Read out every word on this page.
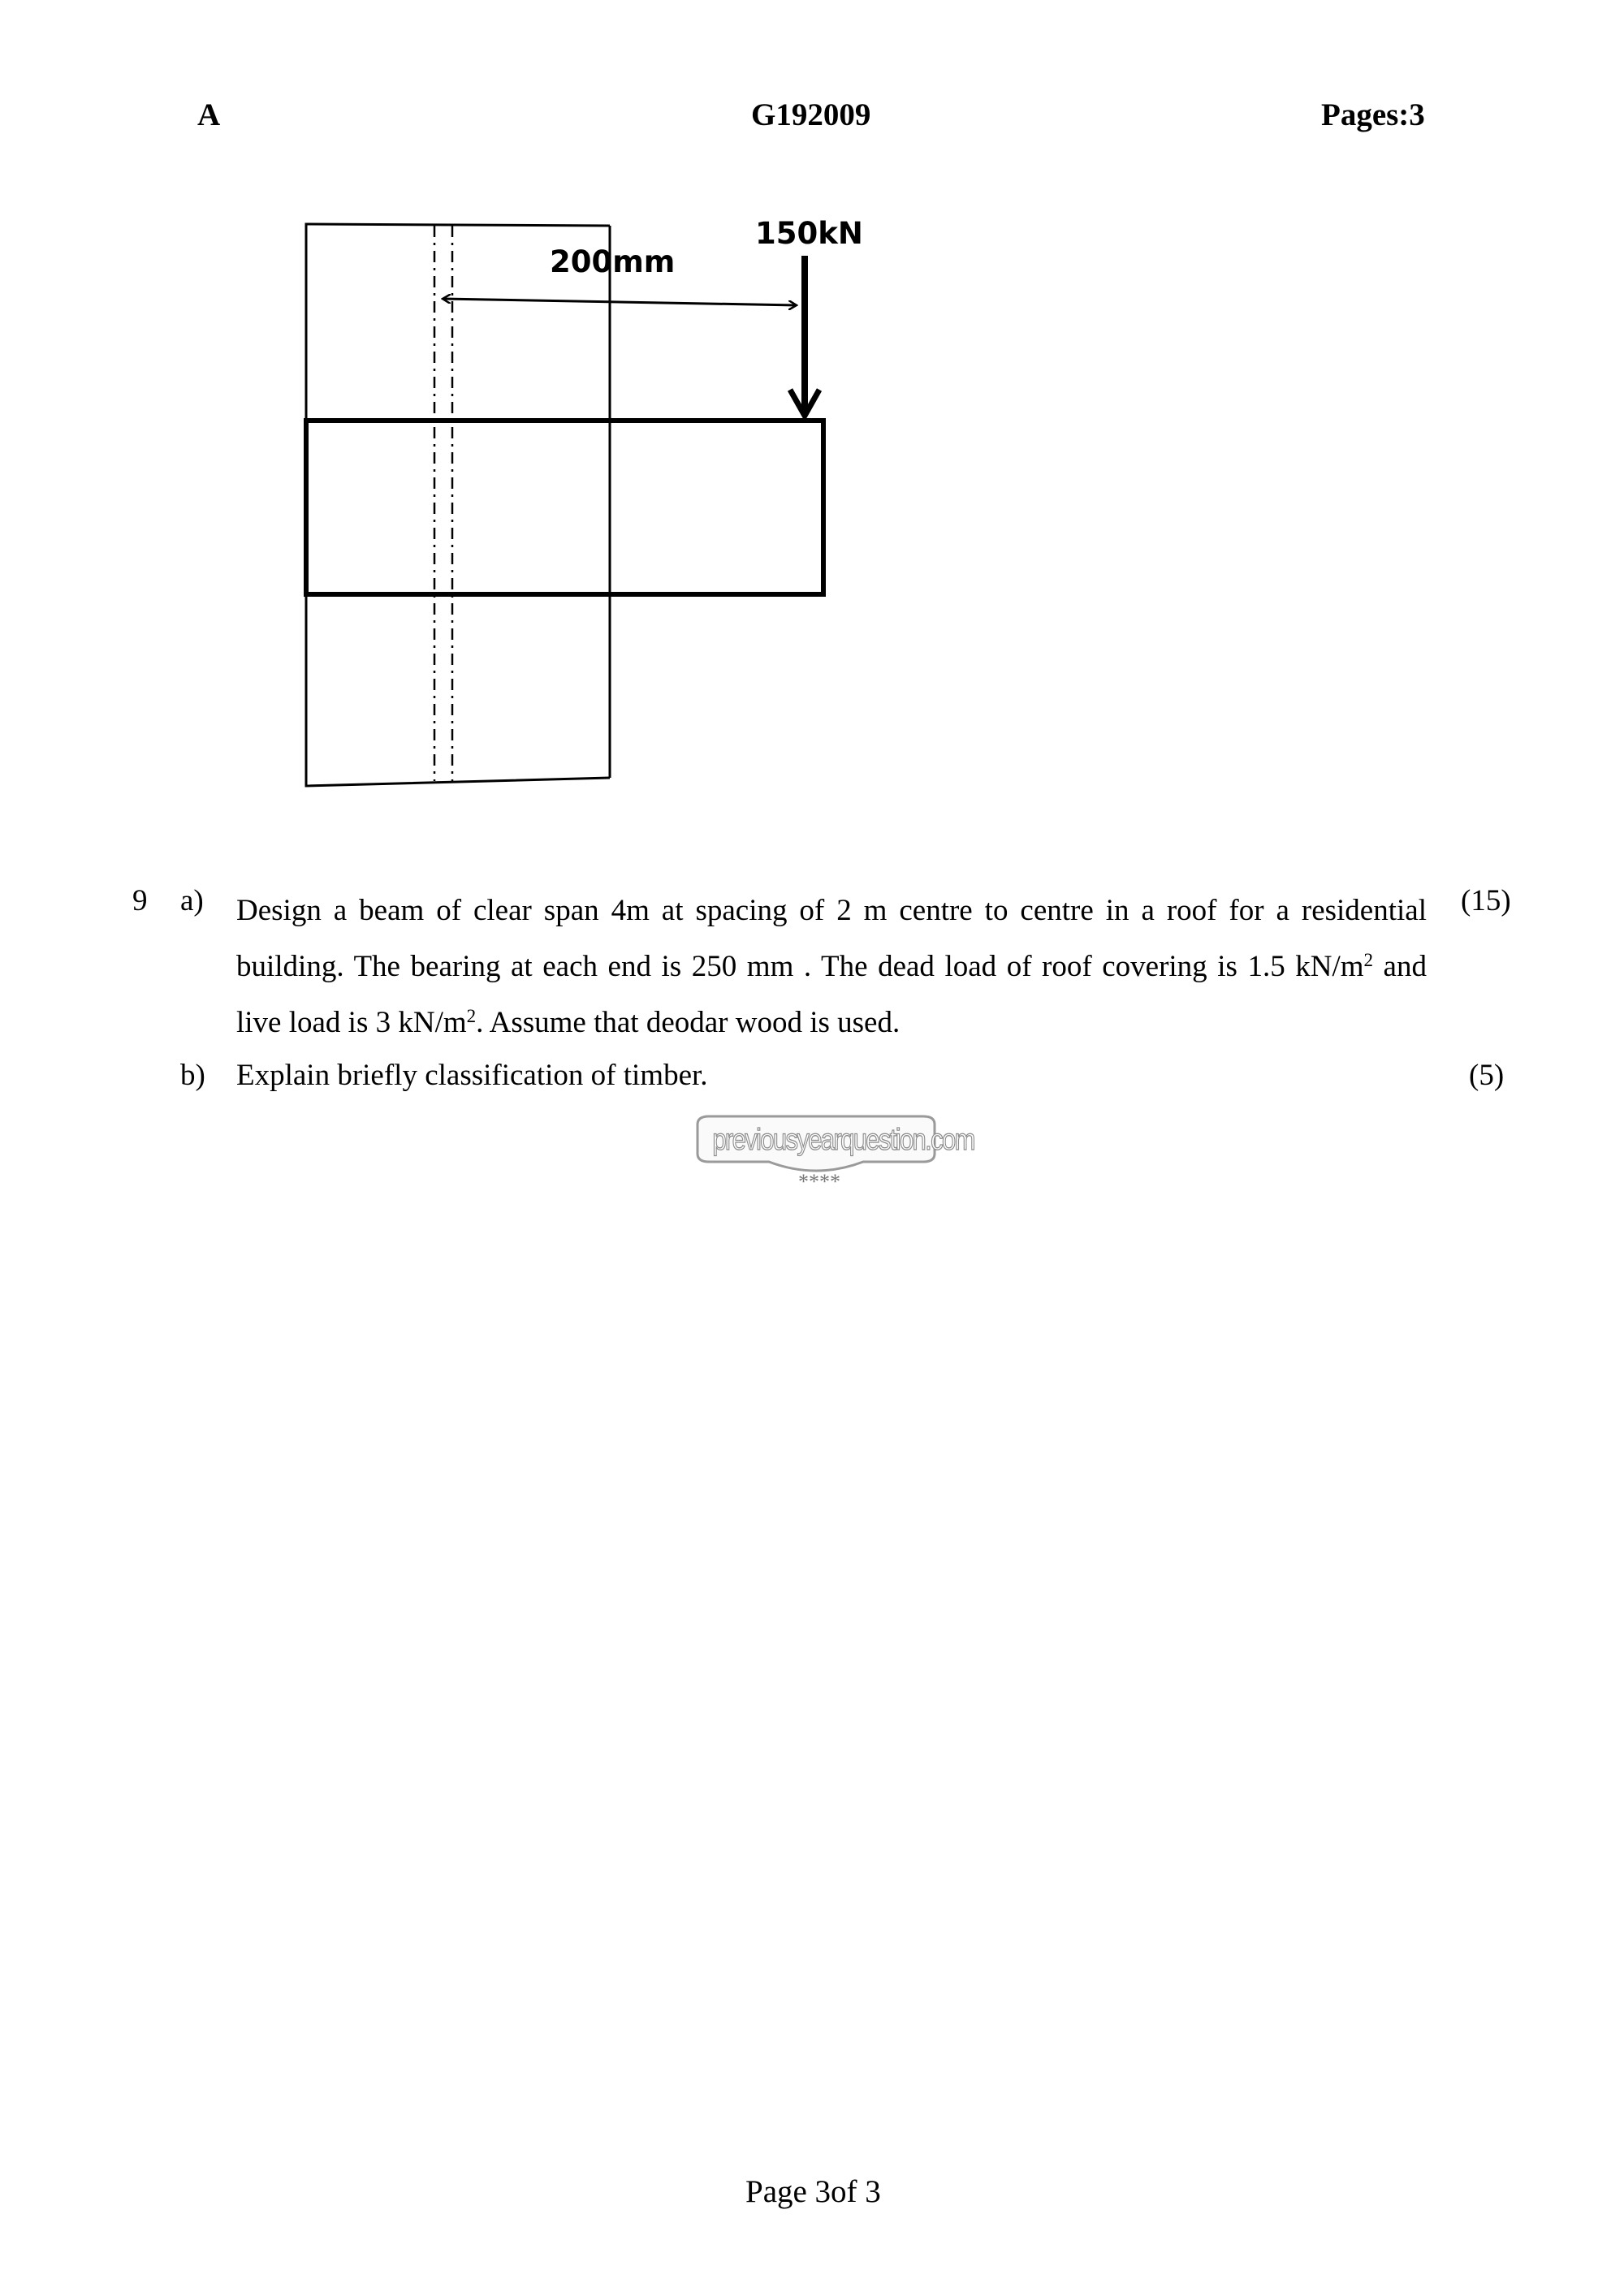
A	G192009	Pages:3
200mm
150kN
9 a) Design a beam of clear span 4m at spacing of 2 m centre to centre in a roof for a residential building. The bearing at each end is 250 mm . The dead load of roof covering is 1.5 $kN/m^2$ and live load is 3 $kN/m^2$. Assume that deodar wood is used.
(15)
b) Explain briefly classification of timber.	(5)
previousyearquestion.com
****
Page 3of 3
